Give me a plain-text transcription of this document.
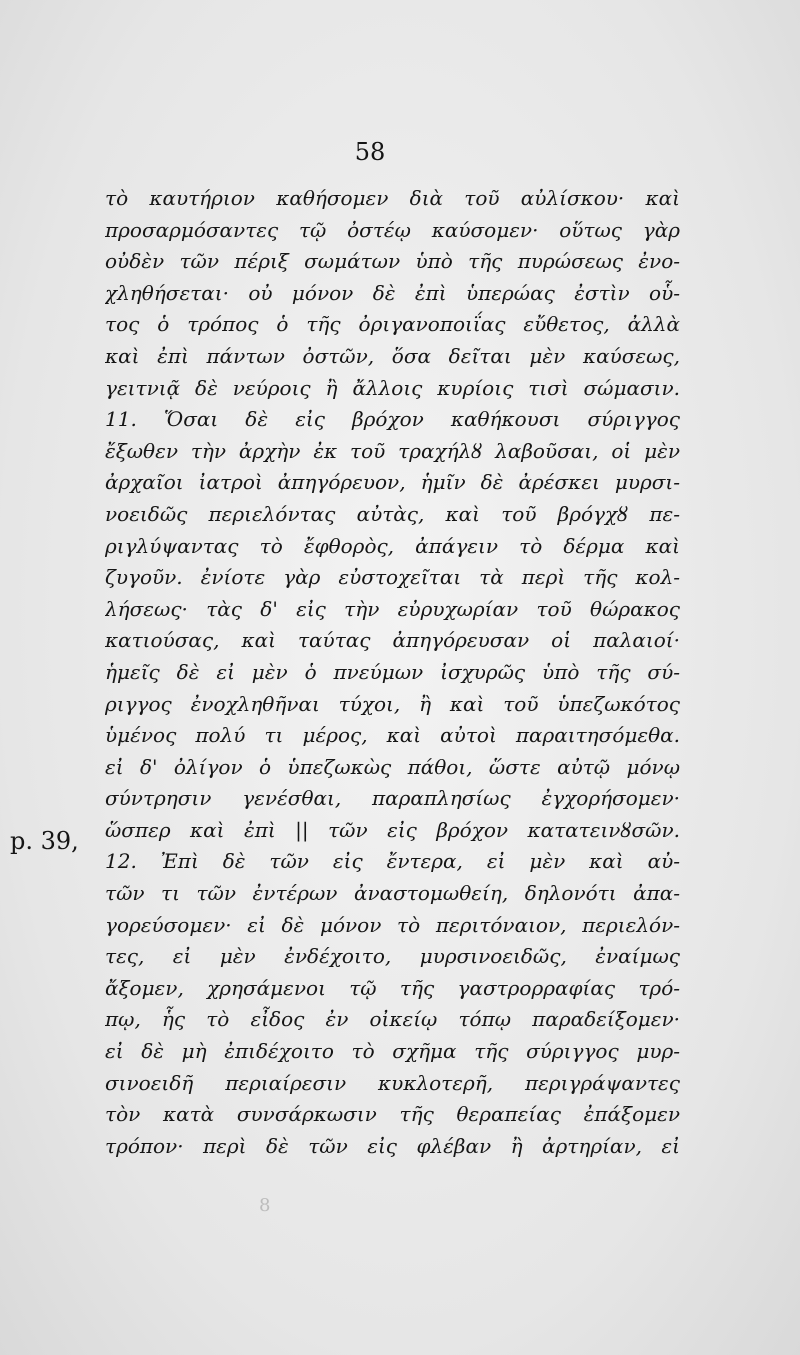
58
p. 39,
τὸ καυτήριον καθήσομεν διὰ τοῦ αὐλίσκου· καὶ
προσαρμόσαντες τῷ ὀστέῳ καύσομεν· οὕτως γὰρ
οὐδὲν τῶν πέριξ σωμάτων ὑπὸ τῆς πυρώσεως ἐνο-
χληθήσεται· οὐ μόνον δὲ ἐπὶ ὑπερώας ἐστὶν οὗ-
τος ὁ τρόπος ὁ τῆς ὀριγανοποιΐας εὔθετος, ἀλλὰ
καὶ ἐπὶ πάντων ὀστῶν, ὅσα δεῖται μὲν καύσεως,
γειτνιᾷ δὲ νεύροις ἢ ἄλλοις κυρίοις τισὶ σώμασιν.
11. Ὅσαι δὲ εἰς βρόχον καθήκουσι σύριγγος
ἔξωθεν τὴν ἀρχὴν ἐκ τοῦ τραχήλȣ λαβοῦσαι, οἱ μὲν
ἀρχαῖοι ἰατροὶ ἀπηγόρευον, ἡμῖν δὲ ἀρέσκει μυρσι-
νοειδῶς περιελόντας αὐτὰς, καὶ τοῦ βρόγχȣ πε-
ριγλύψαντας τὸ ἔφθορὸς, ἀπάγειν τὸ δέρμα καὶ
ζυγοῦν. ἐνίοτε γὰρ εὐστοχεῖται τὰ περὶ τῆς κολ-
λήσεως· τὰς δ' εἰς τὴν εὐρυχωρίαν τοῦ θώρακος
κατιούσας, καὶ ταύτας ἀπηγόρευσαν οἱ παλαιοί·
ἡμεῖς δὲ εἰ μὲν ὁ πνεύμων ἰσχυρῶς ὑπὸ τῆς σύ-
ριγγος ἐνοχληθῆναι τύχοι, ἢ καὶ τοῦ ὑπεζωκότος
ὑμένος πολύ τι μέρος, καὶ αὐτοὶ παραιτησόμεθα.
εἰ δ' ὀλίγον ὁ ὑπεζωκὼς πάθοι, ὥστε αὐτῷ μόνῳ
σύντρησιν γενέσθαι, παραπλησίως ἐγχορήσομεν·
ὥσπερ καὶ ἐπὶ || τῶν εἰς βρόχον κατατεινȣσῶν.
12. Ἐπὶ δὲ τῶν εἰς ἔντερα, εἰ μὲν καὶ αὐ-
τῶν τι τῶν ἐντέρων ἀναστομωθείη, δηλονότι ἀπα-
γορεύσομεν· εἰ δὲ μόνον τὸ περιτόναιον, περιελόν-
τες, εἰ μὲν ἐνδέχοιτο, μυρσινοειδῶς, ἐναίμως
ἄξομεν, χρησάμενοι τῷ τῆς γαστρορραφίας τρό-
πῳ, ἧς τὸ εἶδος ἐν οἰκείῳ τόπῳ παραδείξομεν·
εἰ δὲ μὴ ἐπιδέχοιτο τὸ σχῆμα τῆς σύριγγος μυρ-
σινοειδῆ περιαίρεσιν κυκλοτερῆ, περιγράψαντες
τὸν κατὰ συνσάρκωσιν τῆς θεραπείας ἐπάξομεν
τρόπον· περὶ δὲ τῶν εἰς φλέβαν ἢ ἀρτηρίαν, εἰ
8
